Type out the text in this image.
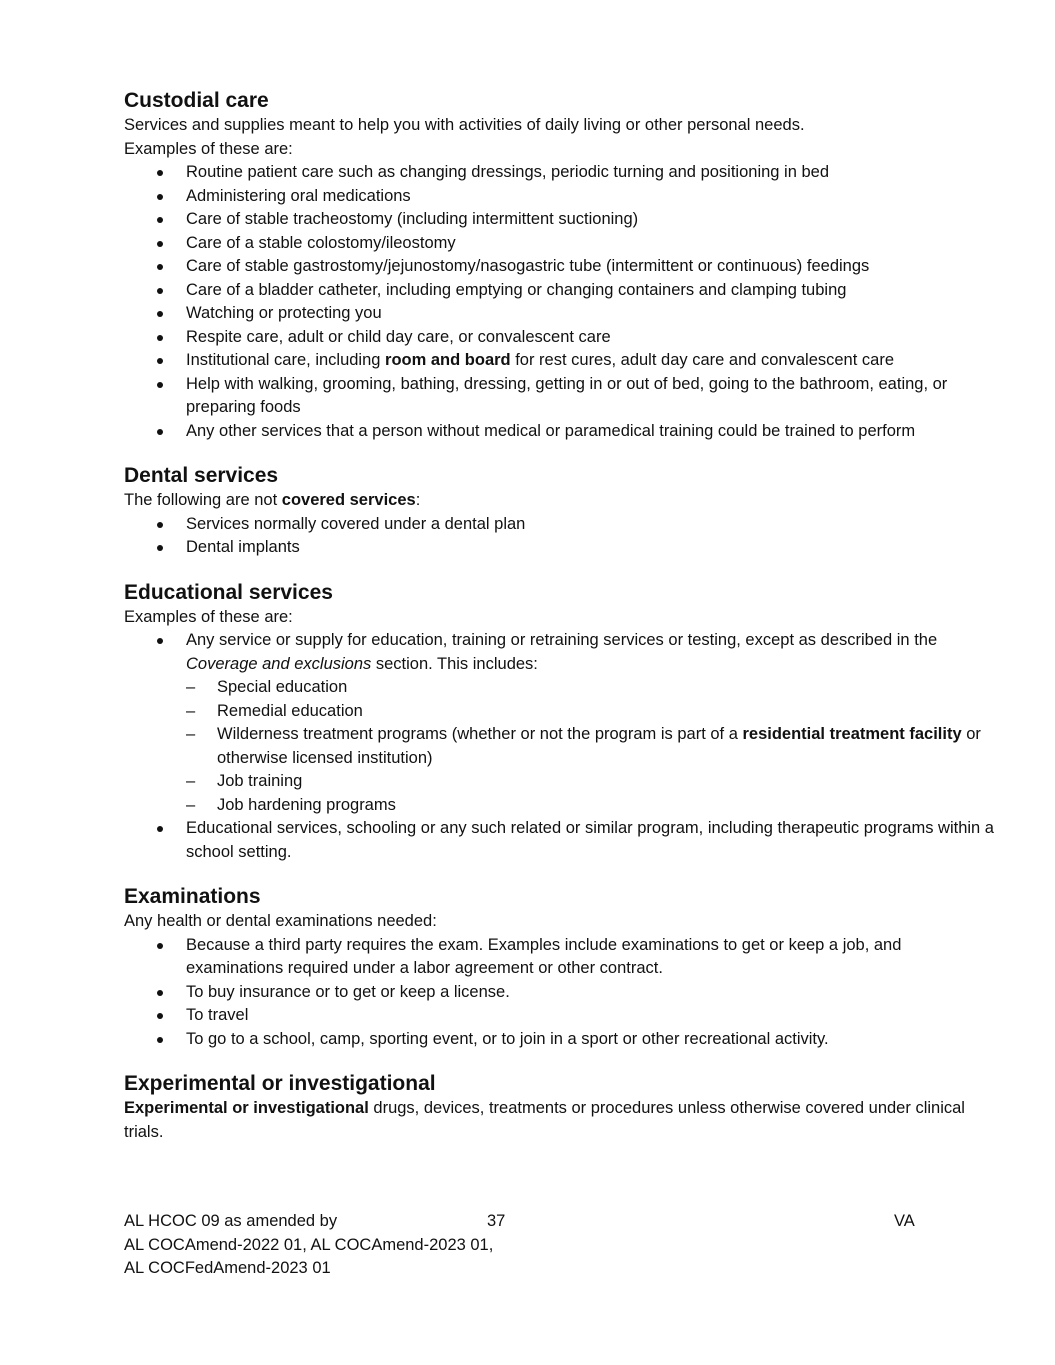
Custodial care

Services and supplies meant to help you with activities of daily living or other personal needs.

Examples of these are:

Routine patient care such as changing dressings, periodic turning and positioning in bed
Administering oral medications
Care of stable tracheostomy (including intermittent suctioning)
Care of a stable colostomy/ileostomy
Care of stable gastrostomy/jejunostomy/nasogastric tube (intermittent or continuous) feedings
Care of a bladder catheter, including emptying or changing containers and clamping tubing
Watching or protecting you
Respite care, adult or child day care, or convalescent care
Institutional care, including room and board for rest cures, adult day care and convalescent care
Help with walking, grooming, bathing, dressing, getting in or out of bed, going to the bathroom, eating, or preparing foods
Any other services that a person without medical or paramedical training could be trained to perform
Dental services

The following are not covered services:

Services normally covered under a dental plan
Dental implants
Educational services

Examples of these are:

Any service or supply for education, training or retraining services or testing, except as described in the Coverage and exclusions section. This includes:
– Special education
– Remedial education
– Wilderness treatment programs (whether or not the program is part of a residential treatment facility or otherwise licensed institution)
– Job training
– Job hardening programs
Educational services, schooling or any such related or similar program, including therapeutic programs within a school setting.
Examinations

Any health or dental examinations needed:

Because a third party requires the exam. Examples include examinations to get or keep a job, and examinations required under a labor agreement or other contract.
To buy insurance or to get or keep a license.
To travel
To go to a school, camp, sporting event, or to join in a sport or other recreational activity.
Experimental or investigational

Experimental or investigational drugs, devices, treatments or procedures unless otherwise covered under clinical trials.

AL HCOC 09 as amended by	37	VA
AL COCAmend-2022 01, AL COCAmend-2023 01,
AL COCFedAmend-2023 01
